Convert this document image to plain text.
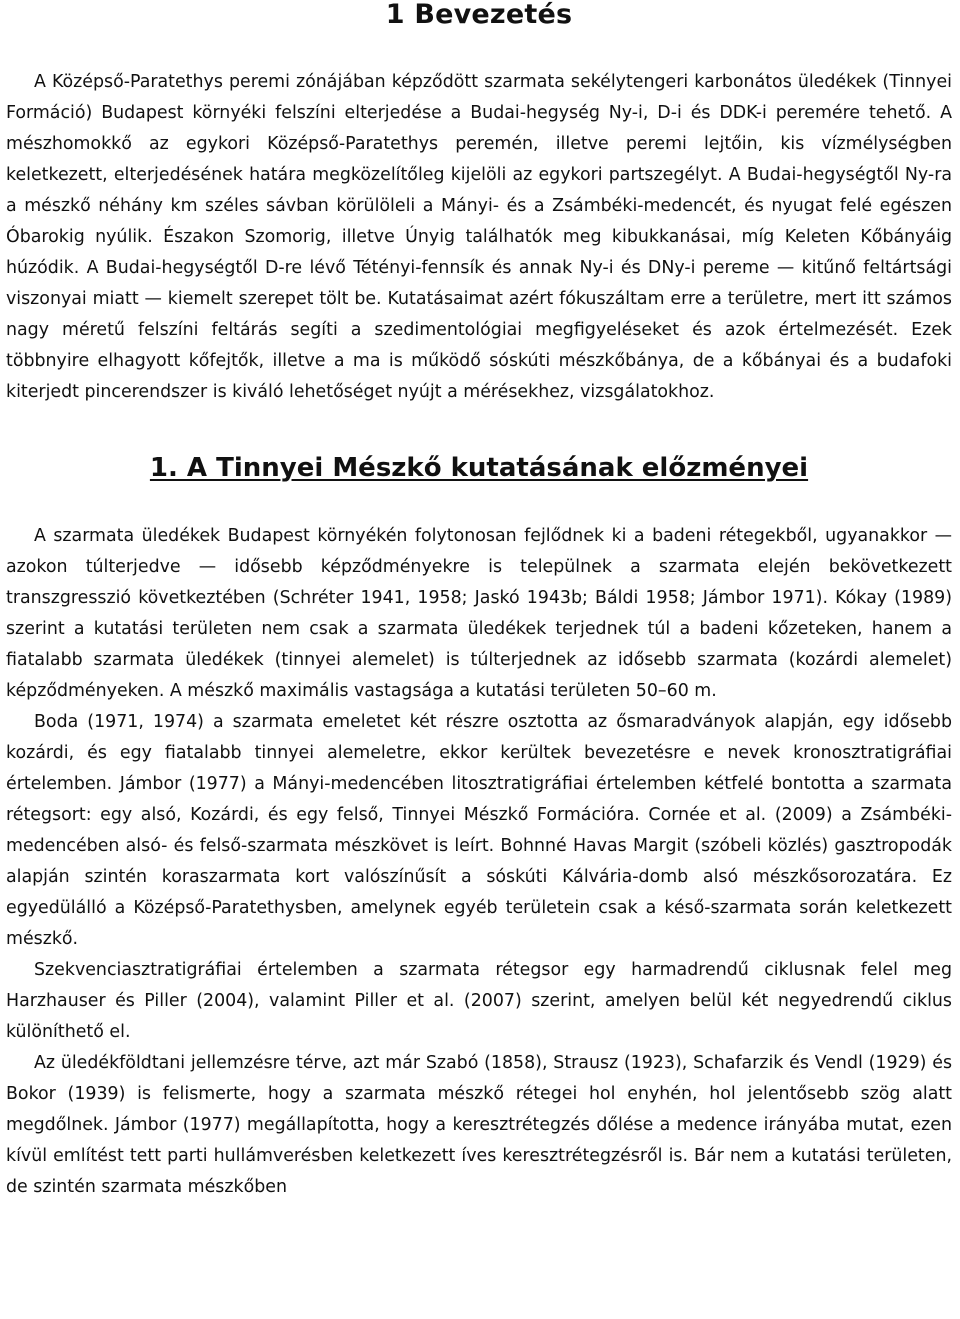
1 Bevezetés

A Középső-Paratethys peremi zónájában képződött szarmata sekélytengeri karbonátos üledékek (Tinnyei Formáció) Budapest környéki felszíni elterjedése a Budai-hegység Ny-i, D-i és DDK-i peremére tehető. A mészhomokkő az egykori Középső-Paratethys peremén, illetve peremi lejtőin, kis vízmélységben keletkezett, elterjedésének határa megközelítőleg kijelöli az egykori partszegélyt. A Budai-hegységtől Ny-ra a mészkő néhány km széles sávban körülöleli a Mányi- és a Zsámbéki-medencét, és nyugat felé egészen Óbarokig nyúlik. Északon Szomorig, illetve Únyig találhatók meg kibukkanásai, míg Keleten Kőbányáig húzódik. A Budai-hegységtől D-re lévő Tétényi-fennsík és annak Ny-i és DNy-i pereme — kitűnő feltártsági viszonyai miatt — kiemelt szerepet tölt be. Kutatásaimat azért fókuszáltam erre a területre, mert itt számos nagy méretű felszíni feltárás segíti a szedimentológiai megfigyeléseket és azok értelmezését. Ezek többnyire elhagyott kőfejtők, illetve a ma is működő sóskúti mészkőbánya, de a kőbányai és a budafoki kiterjedt pincerendszer is kiváló lehetőséget nyújt a mérésekhez, vizsgálatokhoz.

1. A Tinnyei Mészkő kutatásának előzményei

A szarmata üledékek Budapest környékén folytonosan fejlődnek ki a badeni rétegekből, ugyanakkor — azokon túlterjedve — idősebb képződményekre is települnek a szarmata elején bekövetkezett transzgresszió következtében (Schréter 1941, 1958; Jaskó 1943b; Báldi 1958; Jámbor 1971). Kókay (1989) szerint a kutatási területen nem csak a szarmata üledékek terjednek túl a badeni kőzeteken, hanem a fiatalabb szarmata üledékek (tinnyei alemelet) is túlterjednek az idősebb szarmata (kozárdi alemelet) képződményeken. A mészkő maximális vastagsága a kutatási területen 50–60 m.

Boda (1971, 1974) a szarmata emeletet két részre osztotta az ősmaradványok alapján, egy idősebb kozárdi, és egy fiatalabb tinnyei alemeletre, ekkor kerültek bevezetésre e nevek kronosztratigráfiai értelemben. Jámbor (1977) a Mányi-medencében litosztratigráfiai értelemben kétfelé bontotta a szarmata rétegsort: egy alsó, Kozárdi, és egy felső, Tinnyei Mészkő Formációra. Cornée et al. (2009) a Zsámbéki-medencében alsó- és felső-szarmata mészkövet is leírt. Bohnné Havas Margit (szóbeli közlés) gasztropodák alapján szintén koraszarmata kort valószínűsít a sóskúti Kálvária-domb alsó mészkősorozatára. Ez egyedülálló a Középső-Paratethysben, amelynek egyéb területein csak a késő-szarmata során keletkezett mészkő.

Szekvenciasztratigráfiai értelemben a szarmata rétegsor egy harmadrendű ciklusnak felel meg Harzhauser és Piller (2004), valamint Piller et al. (2007) szerint, amelyen belül két negyedrendű ciklus különíthető el.

Az üledékföldtani jellemzésre térve, azt már Szabó (1858), Strausz (1923), Schafarzik és Vendl (1929) és Bokor (1939) is felismerte, hogy a szarmata mészkő rétegei hol enyhén, hol jelentősebb szög alatt megdőlnek. Jámbor (1977) megállapította, hogy a keresztrétegzés dőlése a medence irányába mutat, ezen kívül említést tett parti hullámverésben keletkezett íves keresztrétegzésről is. Bár nem a kutatási területen, de szintén szarmata mészkőben
